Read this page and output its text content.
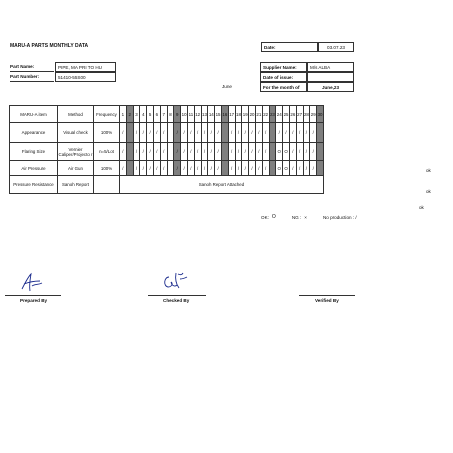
MARU-A PARTS MONTHLY DATA	Date:	03.07.23
Part Name:	PIPE, MA PRI TO HU
Part Number:	51410-55S00
Supplier Name:	M/s ALBA
Date of issue:
For the month of	June,23
June
MARU-A item	Method	Frequency	1	2	3	4	5	6	7	8	9	10	11	12	13	14	15	16	17	18	19	20	21	22	23	24	25	26	27	28	29	30
Appearance	Visual check	100%	/		/	/	/	/	/		/	/	/	/	/	/	/		/	/	/	/	/	/		/	/	/	/	/	/	
Flaring Size	Vernier Caliper/Projecto r	n=5/Lot	/		/	/	/	/	/		/	/	/	/	/	/	/		/	/	/	/	/	/		O	O	/	/	/	/	
Air Pressure	Air Gun	100%	/		/	/	/	/	/		/	/	/	/	/	/	/		/	/	/	/	/	/		O	O	/	/	/	/	
Pressure Resistance	Sanoh Report		Sanoh Report Attached																													
ok
ok
ok
OK: O	NG : ×	No production : /
Prepared By	Checked By	Verified By
